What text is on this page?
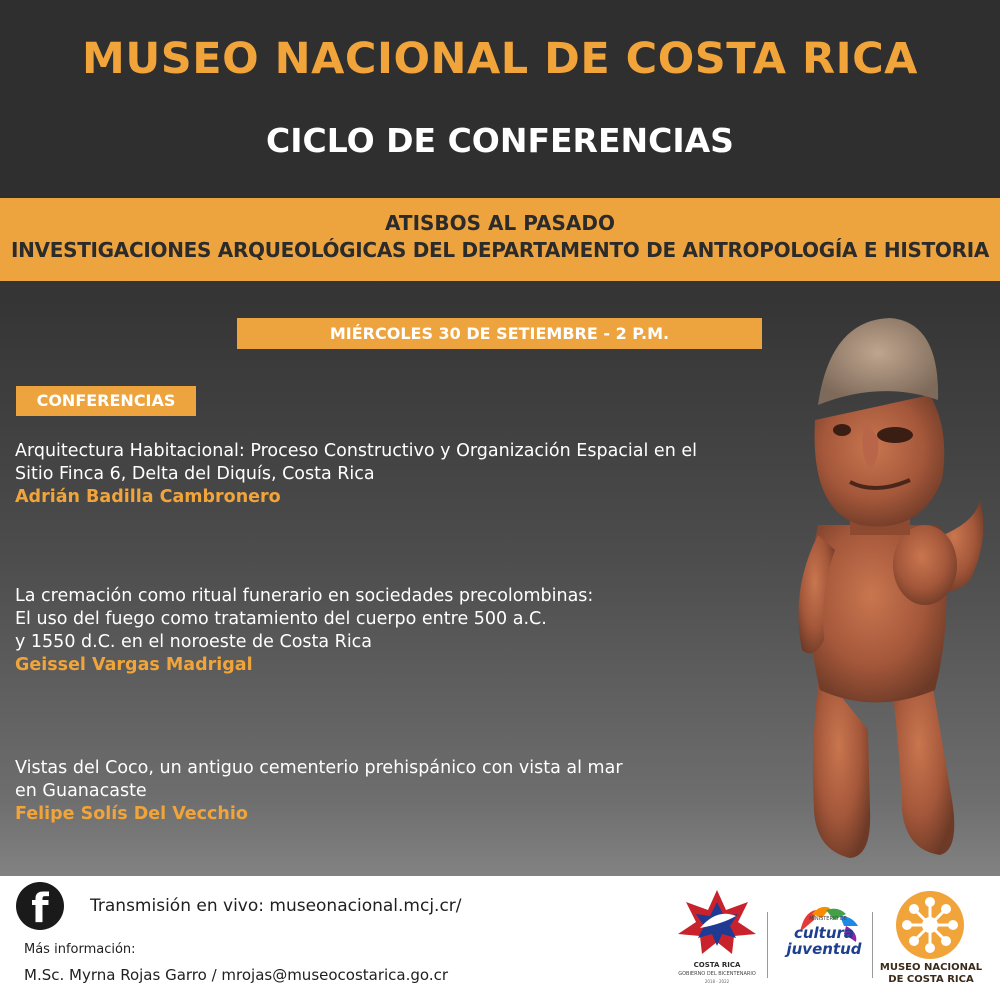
MUSEO NACIONAL DE COSTA RICA
CICLO DE CONFERENCIAS
ATISBOS AL PASADO
INVESTIGACIONES ARQUEOLÓGICAS DEL DEPARTAMENTO DE ANTROPOLOGÍA E HISTORIA
MIÉRCOLES 30 DE SETIEMBRE - 2 P.M.
CONFERENCIAS
Arquitectura Habitacional: Proceso Constructivo y Organización Espacial en el
Sitio Finca 6, Delta del Diquís, Costa Rica
Adrián Badilla Cambronero
La cremación como ritual funerario en sociedades precolombinas:
El uso del fuego como tratamiento del cuerpo entre 500 a.C.
y 1550 d.C. en el noroeste de Costa Rica
Geissel Vargas Madrigal
Vistas del Coco, un antiguo cementerio prehispánico con vista al mar
en Guanacaste
Felipe Solís Del Vecchio
f	Transmisión en vivo: museonacional.mcj.cr/
Más información:
M.Sc. Myrna Rojas Garro / mrojas@museocostarica.go.cr
COSTA RICA
GOBIERNO DEL BICENTENARIO
2018 - 2022
MINISTERIO DE
cultura
juventud
MUSEO NACIONAL
DE COSTA RICA
